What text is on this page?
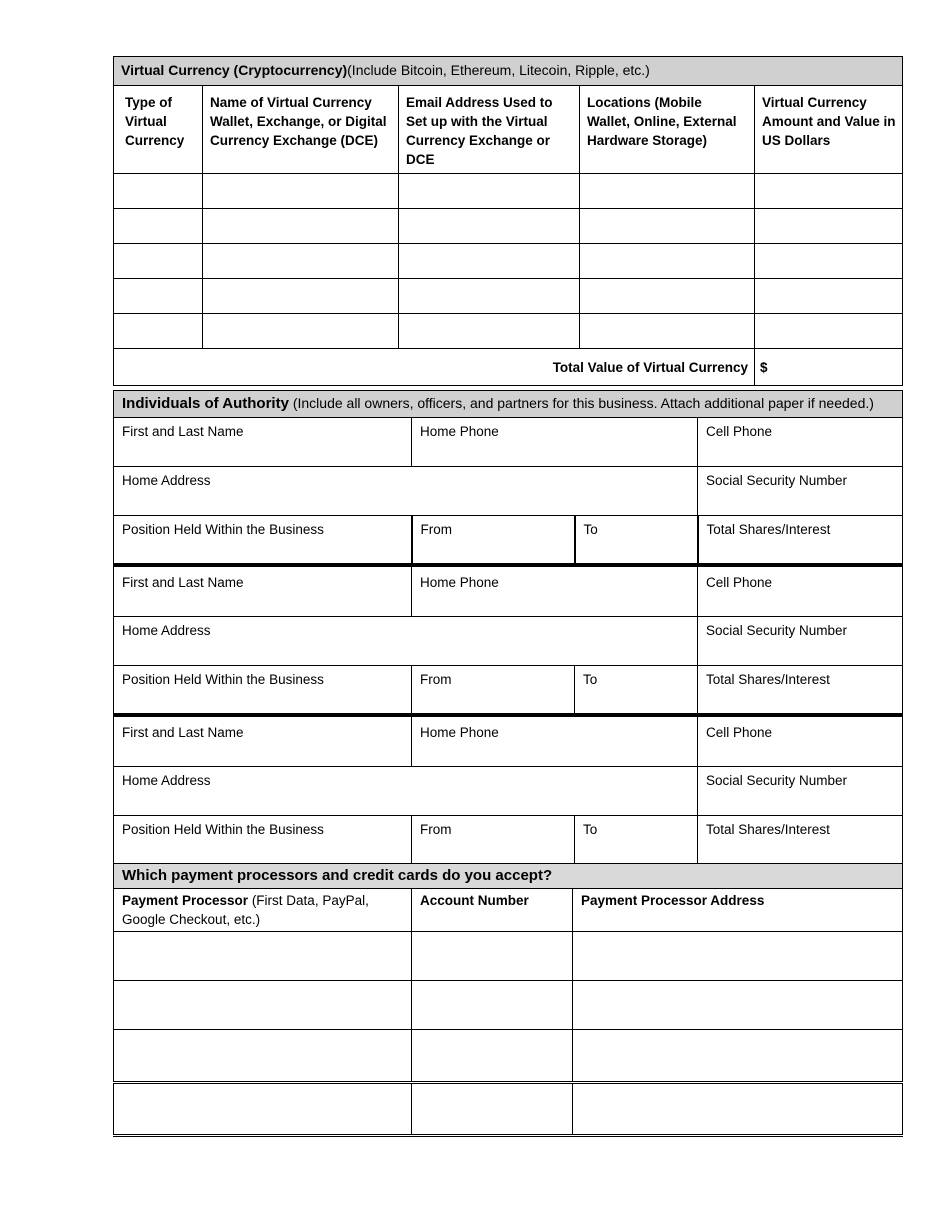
Virtual Currency (Cryptocurrency)(Include Bitcoin, Ethereum, Litecoin, Ripple, etc.)				
Type of Virtual Currency	Name of Virtual Currency Wallet, Exchange, or Digital Currency Exchange (DCE)	Email Address Used to Set up with the Virtual Currency Exchange or DCE	Locations (Mobile Wallet, Online, External Hardware Storage)	Virtual Currency Amount and Value in US Dollars

Total Value of Virtual Currency				$
Individuals of Authority (Include all owners, officers, and partners for this business. Attach additional paper if needed.)			
First and Last Name	Home Phone		Cell Phone
Home Address			Social Security Number
Position Held Within the Business	From	To	Total Shares/Interest
First and Last Name	Home Phone		Cell Phone
Home Address			Social Security Number
Position Held Within the Business	From	To	Total Shares/Interest
First and Last Name	Home Phone		Cell Phone
Home Address			Social Security Number
Position Held Within the Business	From	To	Total Shares/Interest
Which payment processors and credit cards do you accept?		
Payment Processor (First Data, PayPal, Google Checkout, etc.)	Account Number	Payment Processor Address
